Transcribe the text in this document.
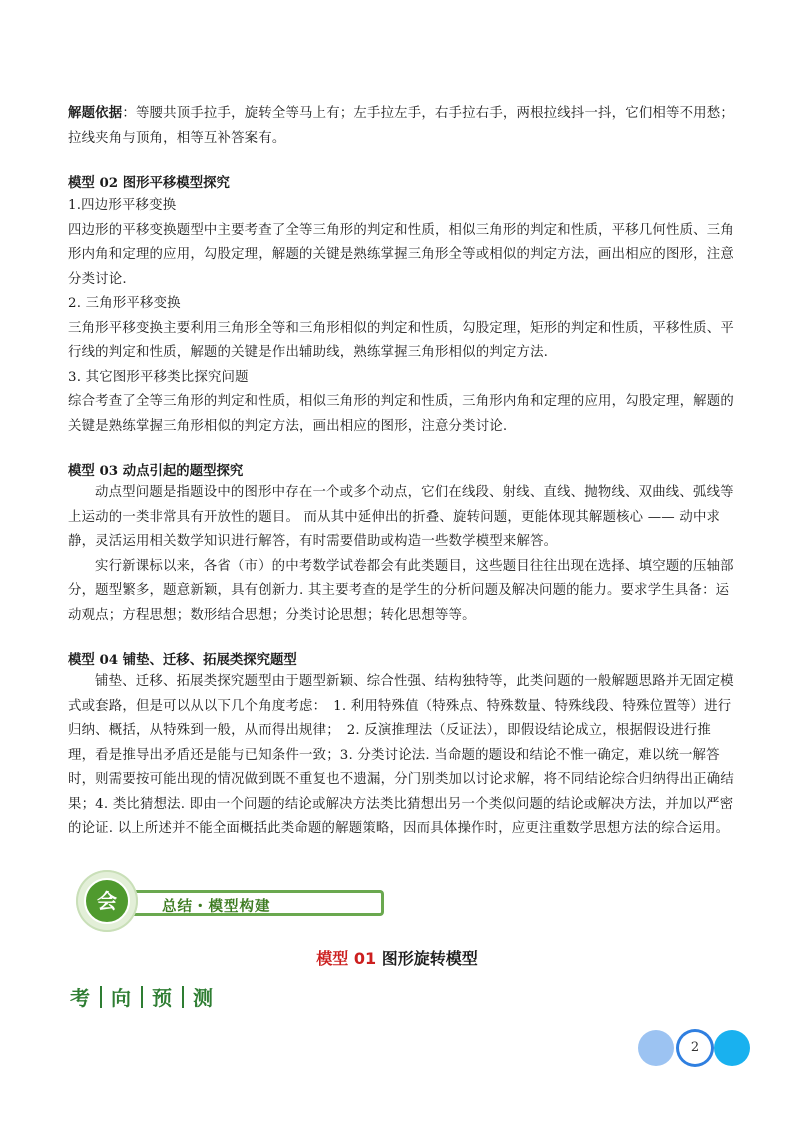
解题依据：等腰共顶手拉手，旋转全等马上有；左手拉左手，右手拉右手，两根拉线抖一抖，它们相等不用愁；拉线夹角与顶角，相等互补答案有。
模型 02 图形平移模型探究
1.四边形平移变换
四边形的平移变换题型中主要考查了全等三角形的判定和性质，相似三角形的判定和性质，平移几何性质、三角形内角和定理的应用，勾股定理，解题的关键是熟练掌握三角形全等或相似的判定方法，画出相应的图形，注意分类讨论.
2. 三角形平移变换
三角形平移变换主要利用三角形全等和三角形相似的判定和性质，勾股定理，矩形的判定和性质，平移性质、平行线的判定和性质，解题的关键是作出辅助线，熟练掌握三角形相似的判定方法.
3. 其它图形平移类比探究问题
综合考查了全等三角形的判定和性质，相似三角形的判定和性质，三角形内角和定理的应用，勾股定理，解题的关键是熟练掌握三角形相似的判定方法，画出相应的图形，注意分类讨论.
模型 03 动点引起的题型探究
动点型问题是指题设中的图形中存在一个或多个动点，它们在线段、射线、直线、抛物线、双曲线、弧线等上运动的一类非常具有开放性的题目。 而从其中延伸出的折叠、旋转问题，更能体现其解题核心 —— 动中求静，灵活运用相关数学知识进行解答，有时需要借助或构造一些数学模型来解答。
实行新课标以来，各省（市）的中考数学试卷都会有此类题目，这些题目往往出现在选择、填空题的压轴部分，题型繁多，题意新颖，具有创新力. 其主要考查的是学生的分析问题及解决问题的能力。要求学生具备：运动观点；方程思想；数形结合思想；分类讨论思想；转化思想等等。
模型 04 铺垫、迁移、拓展类探究题型
铺垫、迁移、拓展类探究题型由于题型新颖、综合性强、结构独特等，此类问题的一般解题思路并无固定模式或套路，但是可以从以下几个角度考虑：　1. 利用特殊值（特殊点、特殊数量、特殊线段、特殊位置等）进行归纳、概括，从特殊到一般，从而得出规律；　2. 反演推理法（反证法），即假设结论成立，根据假设进行推理，看是推导出矛盾还是能与已知条件一致；3. 分类讨论法. 当命题的题设和结论不惟一确定，难以统一解答时，则需要按可能出现的情况做到既不重复也不遗漏，分门别类加以讨论求解，将不同结论综合归纳得出正确结果；4. 类比猜想法. 即由一个问题的结论或解决方法类比猜想出另一个类似问题的结论或解决方法，并加以严密的论证. 以上所述并不能全面概括此类命题的解题策略，因而具体操作时，应更注重数学思想方法的综合运用。
总结・模型构建
会
模型 01 图形旋转模型
考 向 预 测
2
